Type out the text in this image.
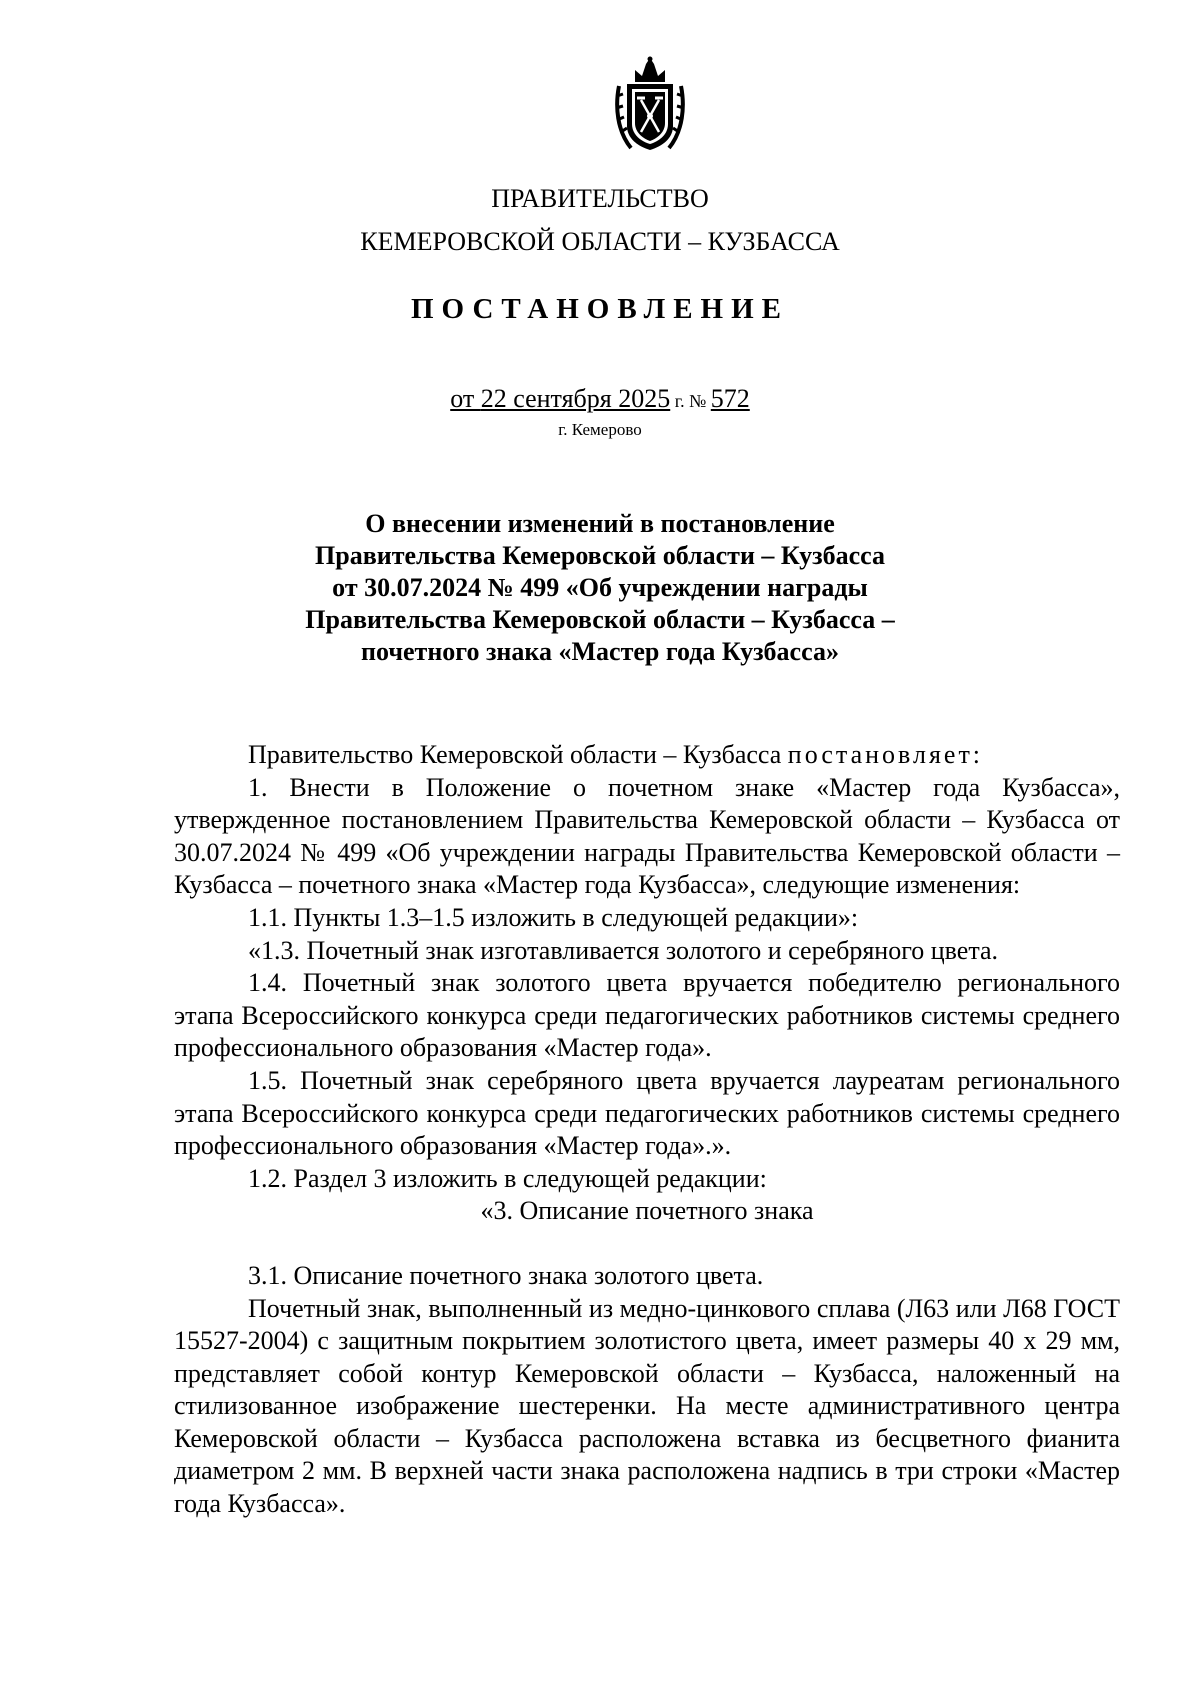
ПРАВИТЕЛЬСТВО
КЕМЕРОВСКОЙ ОБЛАСТИ – КУЗБАССА
ПОСТАНОВЛЕНИЕ
от 22 сентября 2025 г. № 572
г. Кемерово
О внесении изменений в постановление
Правительства Кемеровской области – Кузбасса
от 30.07.2024 № 499 «Об учреждении награды
Правительства Кемеровской области – Кузбасса –
почетного знака «Мастер года Кузбасса»

Правительство Кемеровской области – Кузбасса постановляет:

1. Внести в Положение о почетном знаке «Мастер года Кузбасса», утвержденное постановлением Правительства Кемеровской области – Кузбасса от 30.07.2024 № 499 «Об учреждении награды Правительства Кемеровской области – Кузбасса – почетного знака «Мастер года Кузбасса», следующие изменения:

1.1. Пункты 1.3–1.5 изложить в следующей редакции»:

«1.3. Почетный знак изготавливается золотого и серебряного цвета.

1.4. Почетный знак золотого цвета вручается победителю регионального этапа Всероссийского конкурса среди педагогических работников системы среднего профессионального образования «Мастер года».

1.5. Почетный знак серебряного цвета вручается лауреатам регионального этапа Всероссийского конкурса среди педагогических работников системы среднего профессионального образования «Мастер года».».

1.2. Раздел 3 изложить в следующей редакции:

«3. Описание почетного знака

3.1. Описание почетного знака золотого цвета.

Почетный знак, выполненный из медно-цинкового сплава (Л63 или Л68 ГОСТ 15527-2004) с защитным покрытием золотистого цвета, имеет размеры 40 х 29 мм, представляет собой контур Кемеровской области – Кузбасса, наложенный на стилизованное изображение шестеренки. На месте административного центра Кемеровской области – Кузбасса расположена вставка из бесцветного фианита диаметром 2 мм. В верхней части знака расположена надпись в три строки «Мастер года Кузбасса».
